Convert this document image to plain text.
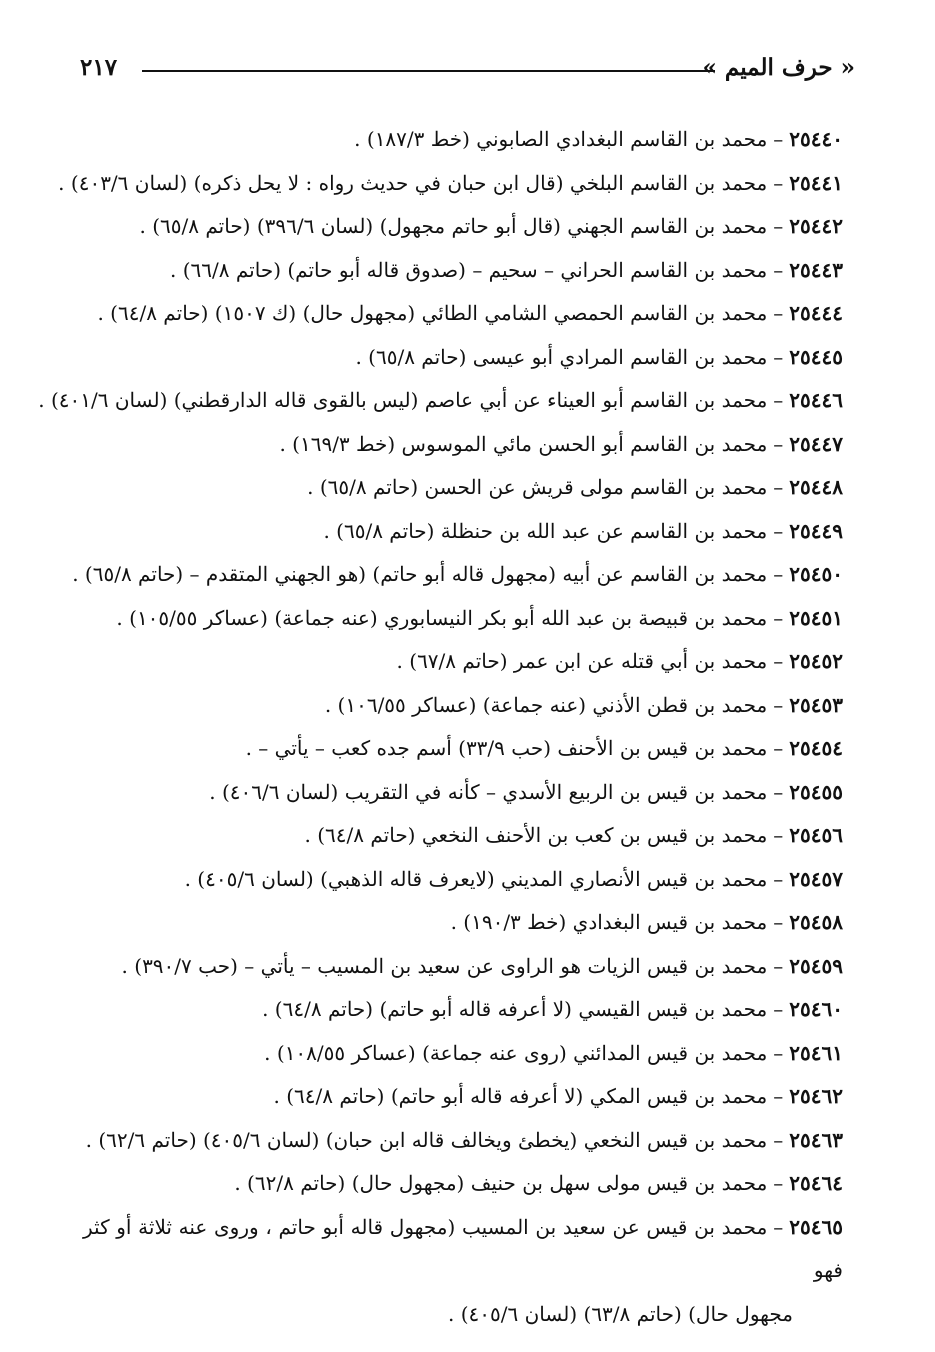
« حرف الميم »
٢١٧
٢٥٤٤٠–محمد بن القاسم البغدادي الصابوني (خط ١٨٧/٣) .
٢٥٤٤١–محمد بن القاسم البلخي (قال ابن حبان في حديث رواه : لا يحل ذكره) (لسان ٤٠٣/٦) .
٢٥٤٤٢–محمد بن القاسم الجهني (قال أبو حاتم مجهول) (لسان ٣٩٦/٦) (حاتم ٦٥/٨) .
٢٥٤٤٣–محمد بن القاسم الحراني – سحيم – (صدوق قاله أبو حاتم) (حاتم ٦٦/٨) .
٢٥٤٤٤–محمد بن القاسم الحمصي الشامي الطائي (مجهول حال) (ك ١٥٠٧) (حاتم ٦٤/٨) .
٢٥٤٤٥–محمد بن القاسم المرادي أبو عيسى (حاتم ٦٥/٨) .
٢٥٤٤٦–محمد بن القاسم أبو العيناء عن أبي عاصم (ليس بالقوى قاله الدارقطني) (لسان ٤٠١/٦) .
٢٥٤٤٧–محمد بن القاسم أبو الحسن مائي الموسوس (خط ١٦٩/٣) .
٢٥٤٤٨–محمد بن القاسم مولى قريش عن الحسن (حاتم ٦٥/٨) .
٢٥٤٤٩–محمد بن القاسم عن عبد الله بن حنظلة (حاتم ٦٥/٨) .
٢٥٤٥٠–محمد بن القاسم عن أبيه (مجهول قاله أبو حاتم) (هو الجهني المتقدم – (حاتم ٦٥/٨) .
٢٥٤٥١–محمد بن قبيصة بن عبد الله أبو بكر النيسابوري (عنه جماعة) (عساكر ١٠٥/٥٥) .
٢٥٤٥٢–محمد بن أبي قتله عن ابن عمر (حاتم ٦٧/٨) .
٢٥٤٥٣–محمد بن قطن الأذني (عنه جماعة) (عساكر ١٠٦/٥٥) .
٢٥٤٥٤–محمد بن قيس بن الأحنف (حب ٣٣/٩) أسم جده كعب – يأتي – .
٢٥٤٥٥–محمد بن قيس بن الربيع الأسدي – كأنه في التقريب (لسان ٤٠٦/٦) .
٢٥٤٥٦–محمد بن قيس بن كعب بن الأحنف النخعي (حاتم ٦٤/٨) .
٢٥٤٥٧–محمد بن قيس الأنصاري المديني (لايعرف قاله الذهبي) (لسان ٤٠٥/٦) .
٢٥٤٥٨–محمد بن قيس البغدادي (خط ١٩٠/٣) .
٢٥٤٥٩–محمد بن قيس الزيات هو الراوى عن سعيد بن المسيب – يأتي – (حب ٣٩٠/٧) .
٢٥٤٦٠–محمد بن قيس القيسي (لا أعرفه قاله أبو حاتم) (حاتم ٦٤/٨) .
٢٥٤٦١–محمد بن قيس المدائني (روى عنه جماعة) (عساكر ١٠٨/٥٥) .
٢٥٤٦٢–محمد بن قيس المكي (لا أعرفه قاله أبو حاتم) (حاتم ٦٤/٨) .
٢٥٤٦٣–محمد بن قيس النخعي (يخطئ ويخالف قاله ابن حبان) (لسان ٤٠٥/٦) (حاتم ٦٢/٦) .
٢٥٤٦٤–محمد بن قيس مولى سهل بن حنيف (مجهول حال) (حاتم ٦٢/٨) .
٢٥٤٦٥–محمد بن قيس عن سعيد بن المسيب (مجهول قاله أبو حاتم ، وروى عنه ثلاثة أو كثر فهو
مجهول حال) (حاتم ٦٣/٨) (لسان ٤٠٥/٦) .
